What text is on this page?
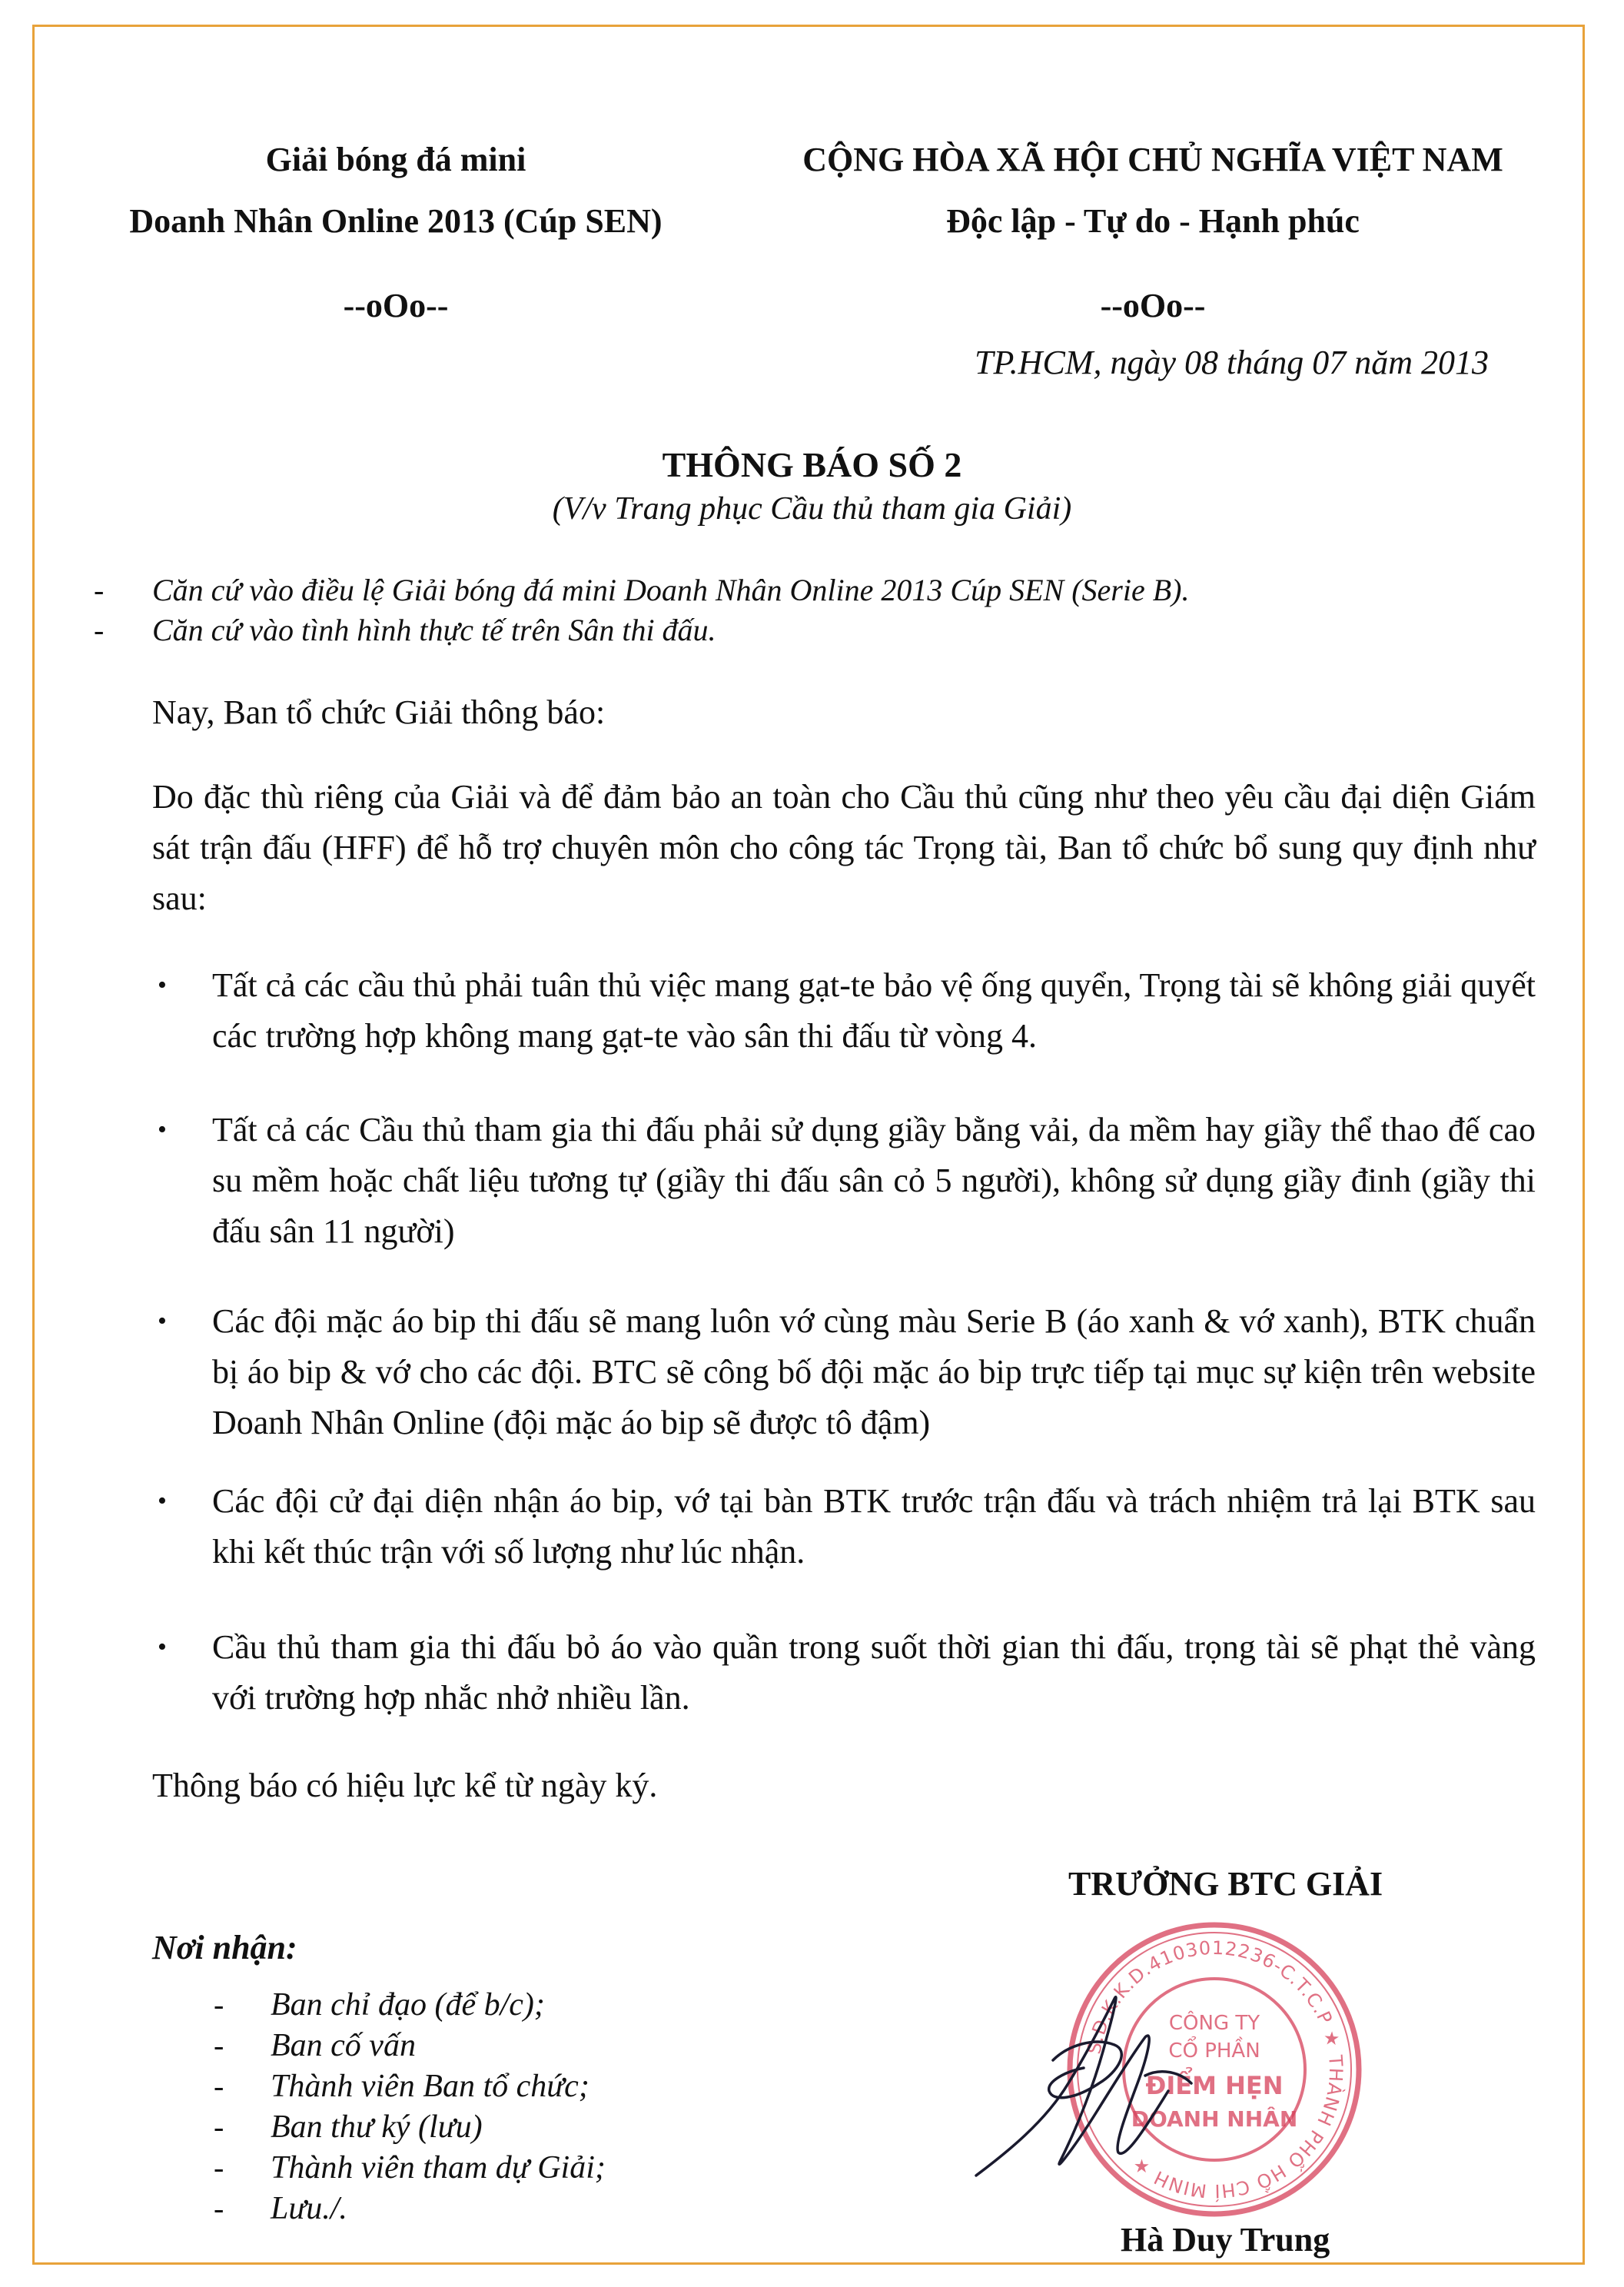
Giải bóng đá mini
Doanh Nhân Online 2013 (Cúp SEN)
--oOo--
CỘNG HÒA XÃ HỘI CHỦ NGHĨA VIỆT NAM
Độc lập - Tự do - Hạnh phúc
--oOo--
TP.HCM, ngày 08 tháng 07 năm 2013
THÔNG BÁO SỐ 2
(V/v Trang phục Cầu thủ tham gia Giải)
- Căn cứ vào điều lệ Giải bóng đá mini Doanh Nhân Online 2013 Cúp SEN (Serie B).
- Căn cứ vào tình hình thực tế trên Sân thi đấu.
Nay, Ban tổ chức Giải thông báo:
Do đặc thù riêng của Giải và để đảm bảo an toàn cho Cầu thủ cũng như theo yêu cầu đại diện Giám sát trận đấu (HFF) để hỗ trợ chuyên môn cho công tác Trọng tài, Ban tổ chức bổ sung quy định như sau:
• Tất cả các cầu thủ phải tuân thủ việc mang gạt-te bảo vệ ống quyển, Trọng tài sẽ không giải quyết các trường hợp không mang gạt-te vào sân thi đấu từ vòng 4.
• Tất cả các Cầu thủ tham gia thi đấu phải sử dụng giầy bằng vải, da mềm hay giầy thể thao đế cao su mềm hoặc chất liệu tương tự (giầy thi đấu sân cỏ 5 người), không sử dụng giầy đinh (giầy thi đấu sân 11 người)
• Các đội mặc áo bip thi đấu sẽ mang luôn vớ cùng màu Serie B (áo xanh & vớ xanh), BTK chuẩn bị áo bip & vớ cho các đội. BTC sẽ công bố đội mặc áo bip trực tiếp tại mục sự kiện trên website Doanh Nhân Online (đội mặc áo bip sẽ được tô đậm)
• Các đội cử đại diện nhận áo bip, vớ tại bàn BTK trước trận đấu và trách nhiệm trả lại BTK sau khi kết thúc trận với số lượng như lúc nhận.
• Cầu thủ tham gia thi đấu bỏ áo vào quần trong suốt thời gian thi đấu, trọng tài sẽ phạt thẻ vàng với trường hợp nhắc nhở nhiều lần.
Thông báo có hiệu lực kể từ ngày ký.
TRƯỞNG BTC GIẢI
Nơi nhận:
- Ban chỉ đạo (để b/c);
- Ban cố vấn
- Thành viên Ban tổ chức;
- Ban thư ký (lưu)
- Thành viên tham dự Giải;
- Lưu./.
S.Đ.K.K.D.4103012236-C.T.C.P ★ THÀNH PHỐ HỒ CHÍ MINH ★
CÔNG TY
CỔ PHẦN
ĐIỂM HẸN
DOANH NHÂN
Hà Duy Trung
